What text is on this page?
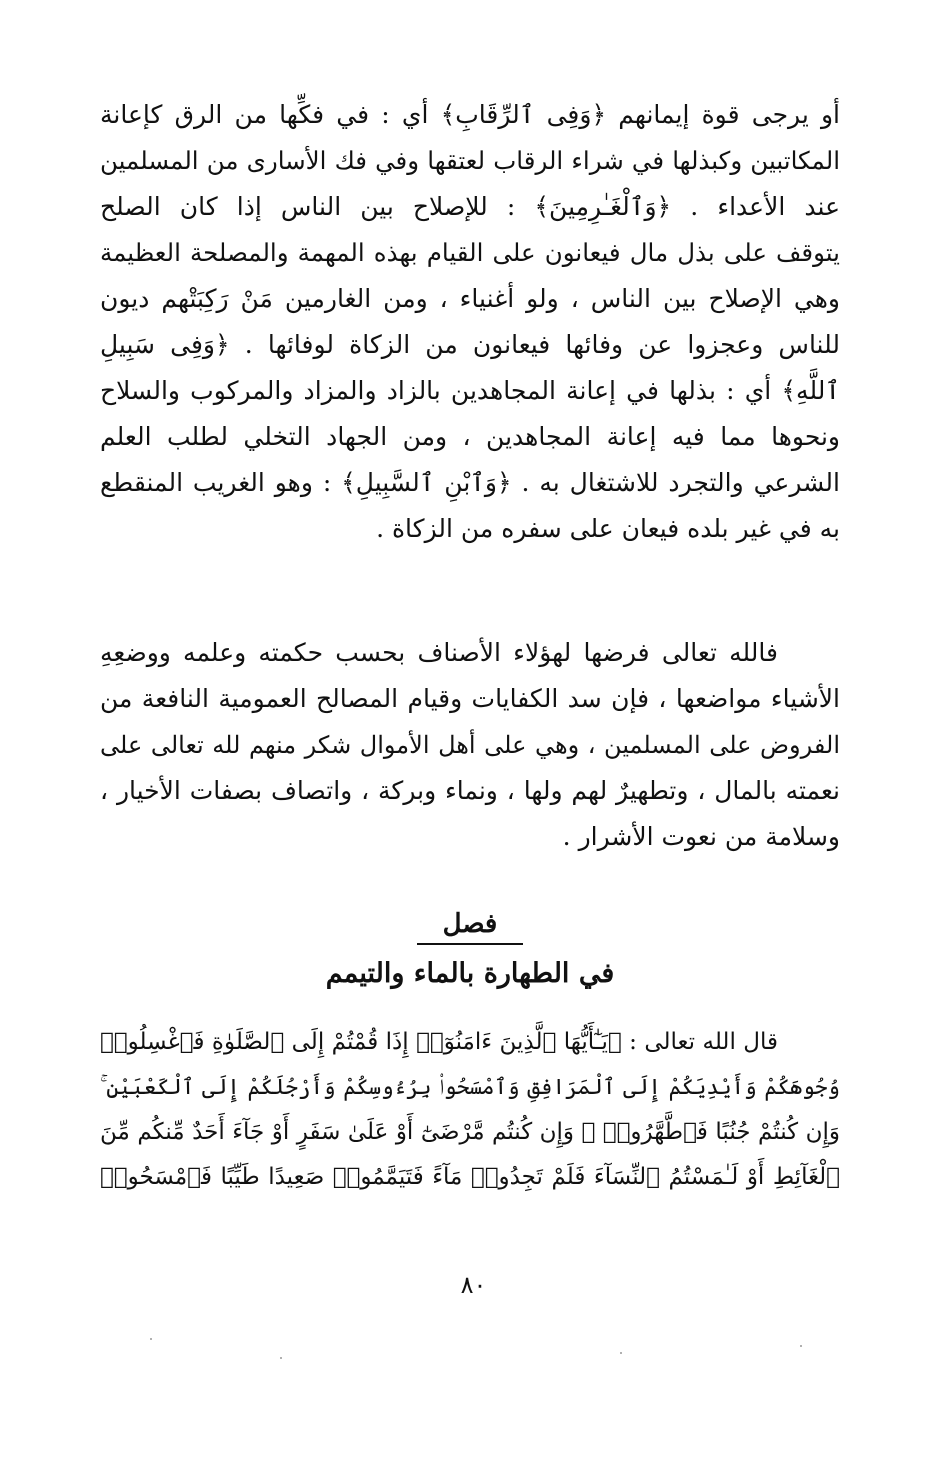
أو يرجى قوة إيمانهم ﴿وَفِى ٱلرِّقَابِ﴾ أي : في فكِّها من الرق كإعانة
المكاتبين وكبذلها في شراء الرقاب لعتقها وفي فك الأسارى من المسلمين
عند الأعداء . ﴿وَٱلْغَـٰرِمِينَ﴾ : للإصلاح بين الناس إذا كان الصلح
يتوقف على بذل مال فيعانون على القيام بهذه المهمة والمصلحة العظيمة
وهي الإصلاح بين الناس ، ولو أغنياء ، ومن الغارمين مَنْ رَكِبَتْهم ديون
للناس وعجزوا عن وفائها فيعانون من الزكاة لوفائها . ﴿وَفِى سَبِيلِ
ٱللَّهِ﴾ أي : بذلها في إعانة المجاهدين بالزاد والمزاد والمركوب والسلاح
ونحوها مما فيه إعانة المجاهدين ، ومن الجهاد التخلي لطلب العلم
الشرعي والتجرد للاشتغال به . ﴿وَٱبْنِ ٱلسَّبِيلِ﴾ : وهو الغريب المنقطع
به في غير بلده فيعان على سفره من الزكاة .
فالله تعالى فرضها لهؤلاء الأصناف بحسب حكمته وعلمه ووضعِهِ
الأشياء مواضعها ، فإن سد الكفايات وقيام المصالح العمومية النافعة من
الفروض على المسلمين ، وهي على أهل الأموال شكر منهم لله تعالى على
نعمته بالمال ، وتطهيرٌ لهم ولها ، ونماء وبركة ، واتصاف بصفات الأخيار ،
وسلامة من نعوت الأشرار .
فصل
في الطهارة بالماء والتيمم
قال الله تعالى : ﴿يَـٰٓأَيُّهَا ٱلَّذِينَ ءَامَنُوٓا۟ إِذَا قُمْتُمْ إِلَى ٱلصَّلَوٰةِ فَٱغْسِلُوا۟
وُجُوهَكُمْ وَأَيْدِيَكُمْ إِلَى ٱلْمَرَافِقِ وَٱمْسَحُوا۟ بِرُءُوسِكُمْ وَأَرْجُلَكُمْ إِلَى ٱلْكَعْبَيْنِ ۚ
وَإِن كُنتُمْ جُنُبًا فَٱطَّهَّرُوا۟ ۚ وَإِن كُنتُم مَّرْضَىٰٓ أَوْ عَلَىٰ سَفَرٍ أَوْ جَآءَ أَحَدٌ مِّنكُم مِّنَ
ٱلْغَآئِطِ أَوْ لَـٰمَسْتُمُ ٱلنِّسَآءَ فَلَمْ تَجِدُوا۟ مَآءً فَتَيَمَّمُوا۟ صَعِيدًا طَيِّبًا فَٱمْسَحُوا۟
٨٠
